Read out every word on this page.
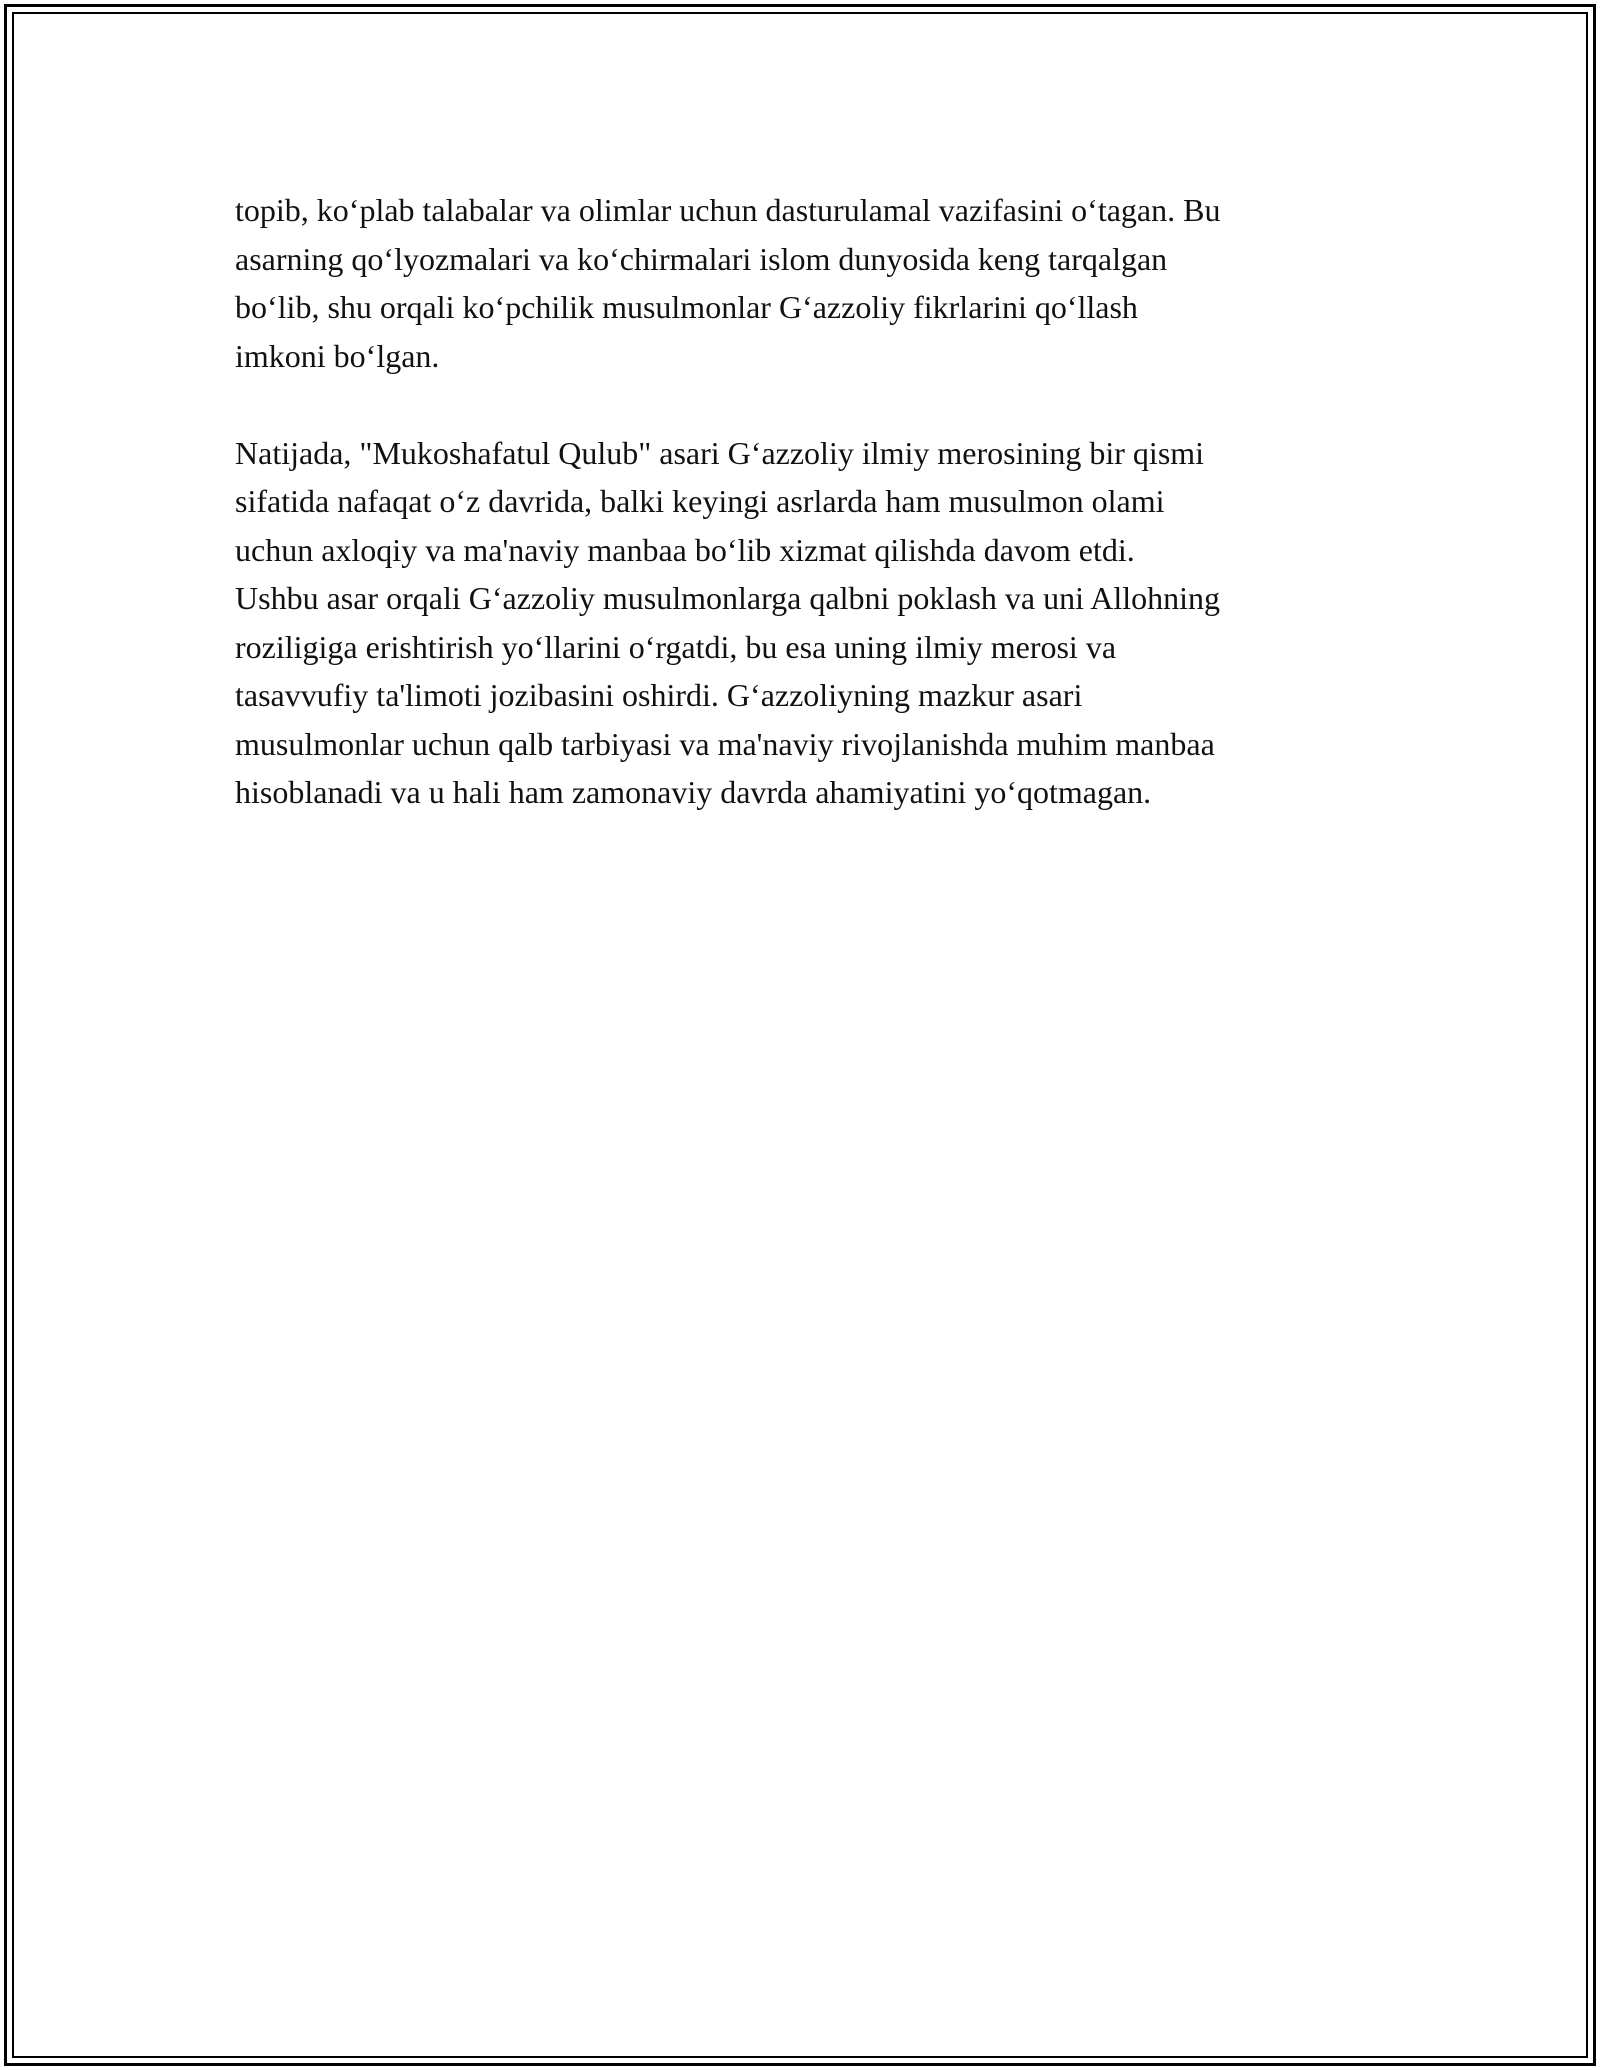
topib, ko‘plab talabalar va olimlar uchun dasturulamal vazifasini o‘tagan. Bu
asarning qo‘lyozmalari va ko‘chirmalari islom dunyosida keng tarqalgan
bo‘lib, shu orqali ko‘pchilik musulmonlar G‘azzoliy fikrlarini qo‘llash
imkoni bo‘lgan.

Natijada, "Mukoshafatul Qulub" asari G‘azzoliy ilmiy merosining bir qismi
sifatida nafaqat o‘z davrida, balki keyingi asrlarda ham musulmon olami
uchun axloqiy va ma'naviy manbaa bo‘lib xizmat qilishda davom etdi.
Ushbu asar orqali G‘azzoliy musulmonlarga qalbni poklash va uni Allohning
roziligiga erishtirish yo‘llarini o‘rgatdi, bu esa uning ilmiy merosi va
tasavvufiy ta'limoti jozibasini oshirdi. G‘azzoliyning mazkur asari
musulmonlar uchun qalb tarbiyasi va ma'naviy rivojlanishda muhim manbaa
hisoblanadi va u hali ham zamonaviy davrda ahamiyatini yo‘qotmagan.
